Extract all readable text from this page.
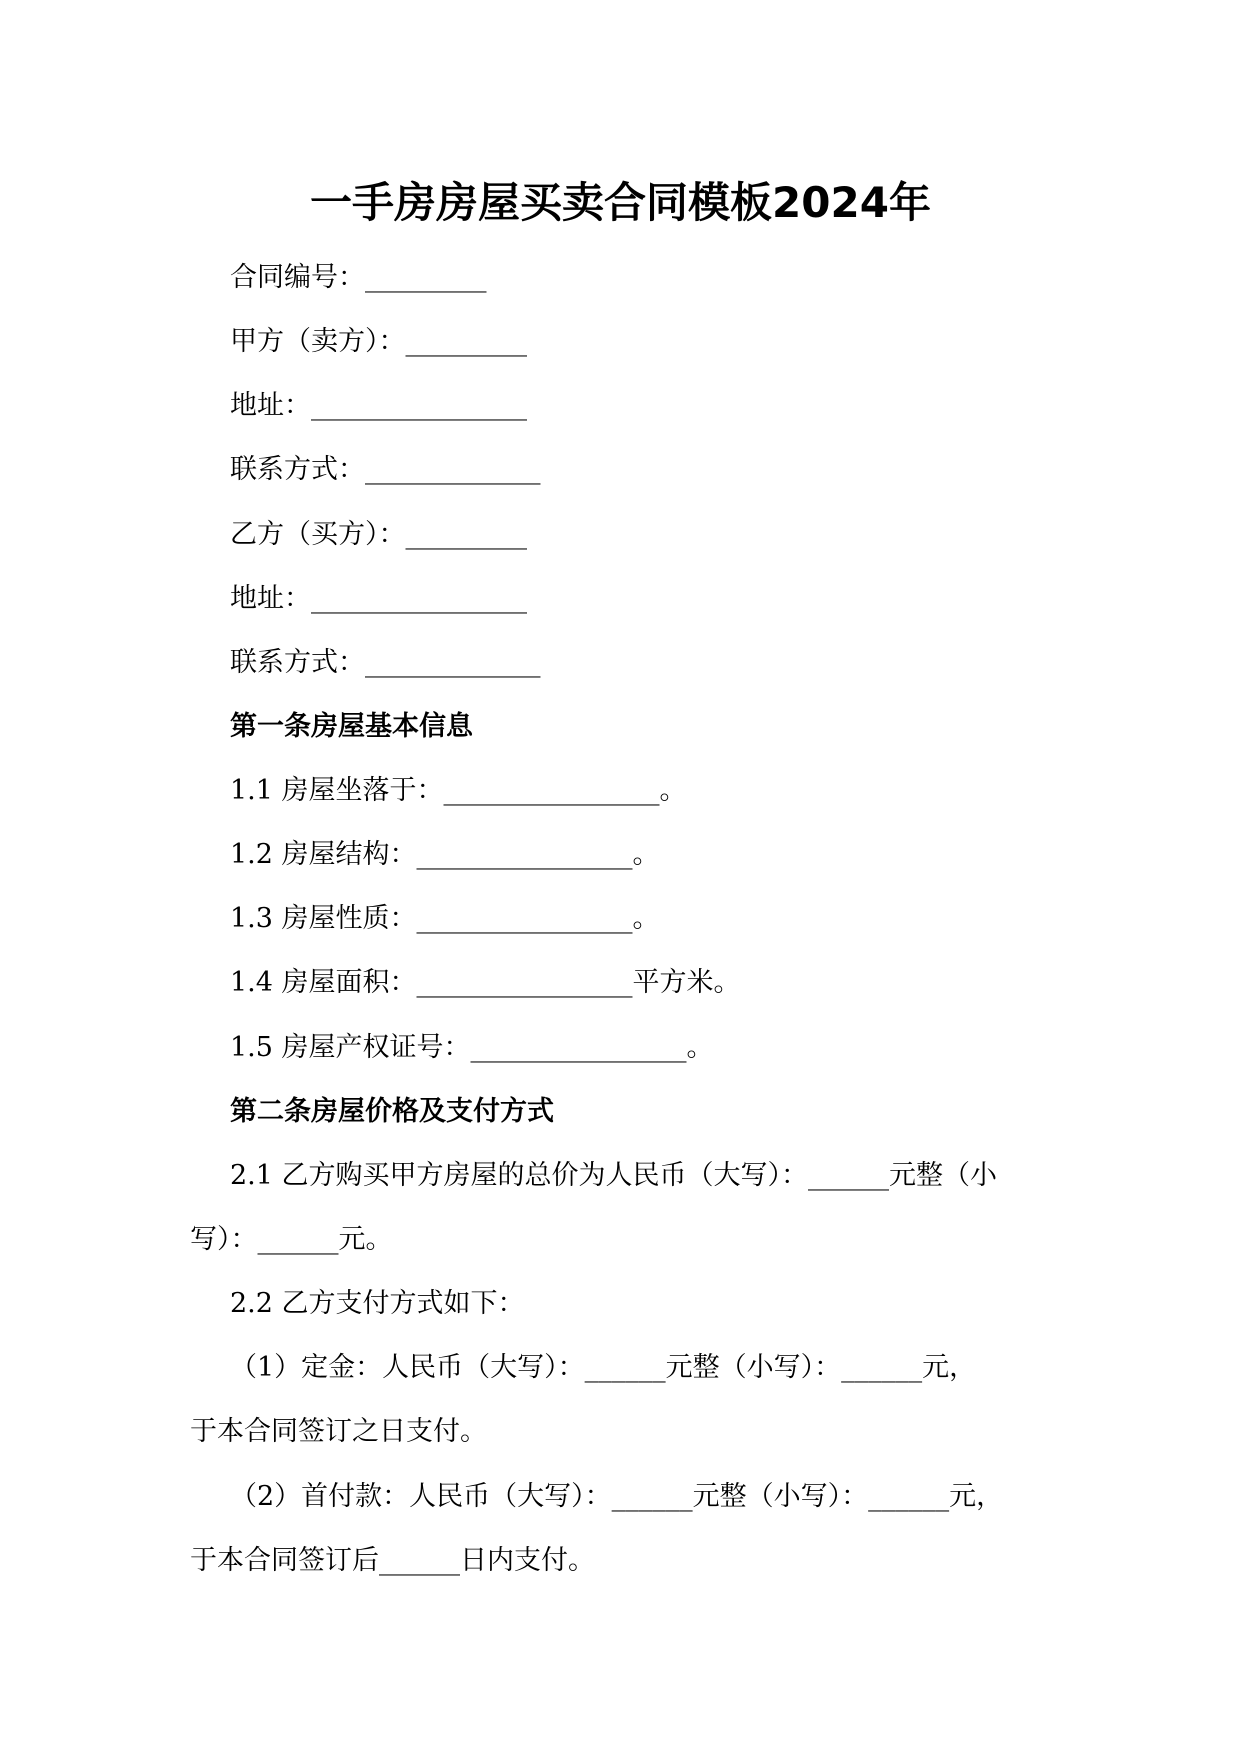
一手房房屋买卖合同模板2024年

合同编号：_________

甲方（卖方）：_________

地址：________________

联系方式：_____________

乙方（买方）：_________

地址：________________

联系方式：_____________

第一条房屋基本信息

1.1 房屋坐落于：________________。

1.2 房屋结构：________________。

1.3 房屋性质：________________。

1.4 房屋面积：________________平方米。

1.5 房屋产权证号：________________。

第二条房屋价格及支付方式

2.1 乙方购买甲方房屋的总价为人民币（大写）：______元整（小

写）：______元。

2.2 乙方支付方式如下：

（1）定金：人民币（大写）：______元整（小写）：______元，

于本合同签订之日支付。

（2）首付款：人民币（大写）：______元整（小写）：______元，

于本合同签订后______日内支付。
